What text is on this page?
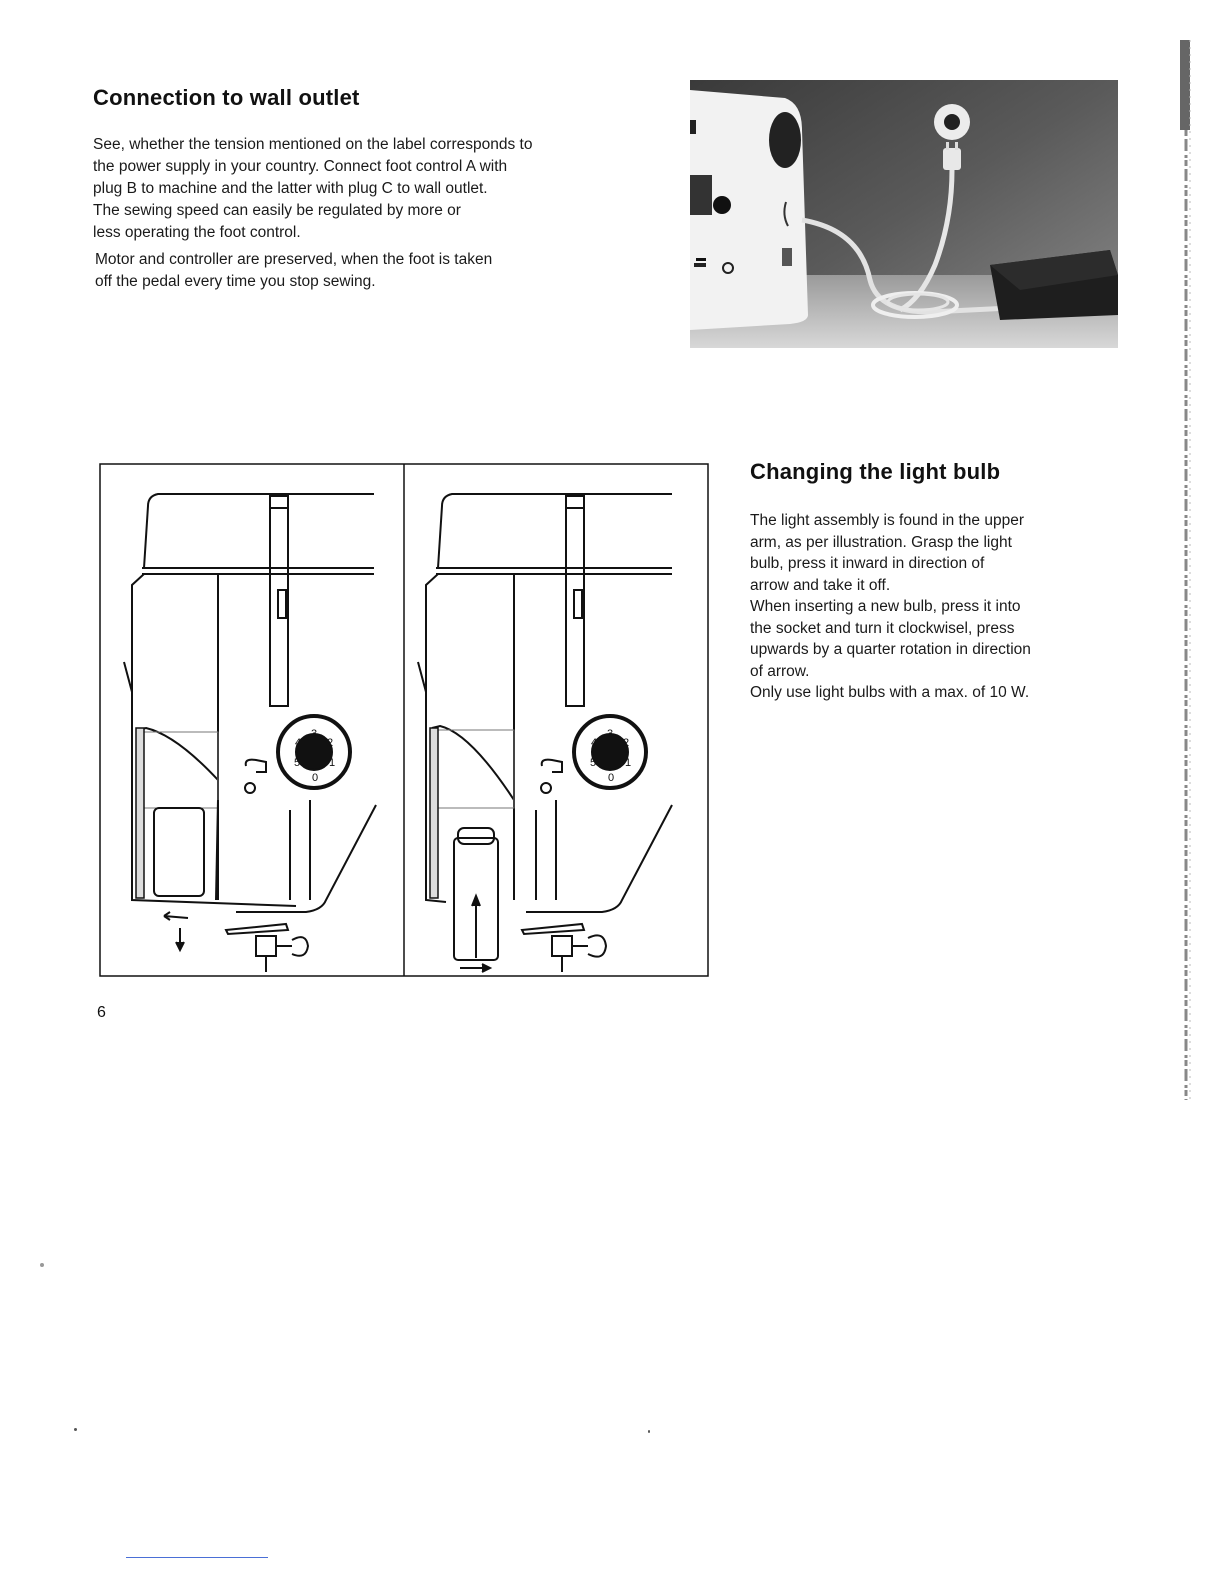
Connection to wall outlet
See, whether the tension mentioned on the label corresponds to
the power supply in your country. Connect foot control A with
plug B to machine and the latter with plug C to wall outlet.
The sewing speed can easily be regulated by more or
less operating the foot control.
Motor and controller are preserved, when the foot is taken
off the pedal every time you stop sewing.
Changing the light bulb
The light assembly is found in the upper
arm, as per illustration. Grasp the light
bulb, press it inward in direction of
arrow and take it off.
When inserting a new bulb, press it into
the socket and turn it clockwisel, press
upwards by a quarter rotation in direction
of arrow.
Only use light bulbs with a max. of 10 W.
3
2
1
0
5
4
3
2
1
0
5
4
6
